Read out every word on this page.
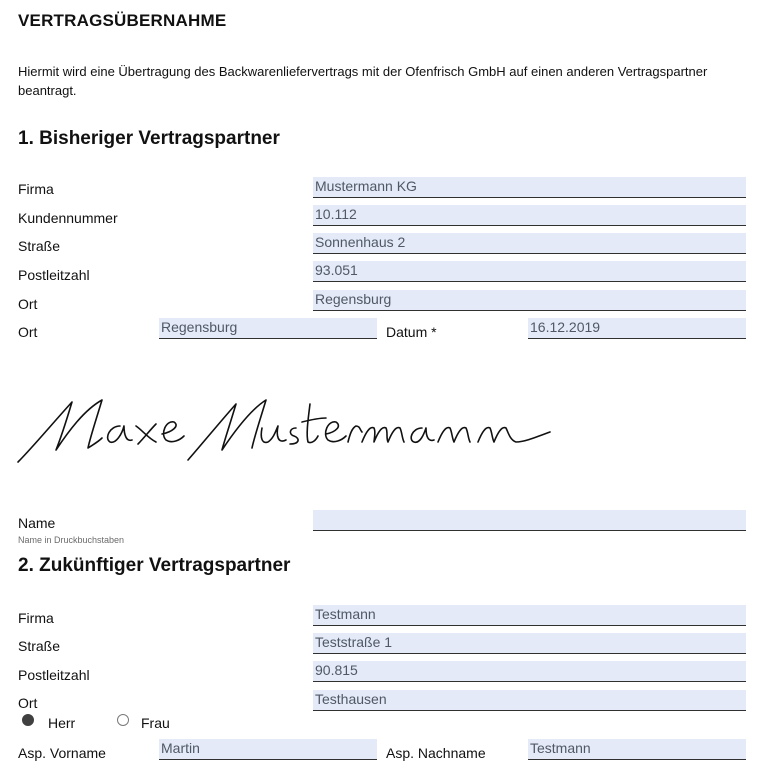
VERTRAGSÜBERNAHME
Hiermit wird eine Übertragung des Backwarenliefervertrags mit der Ofenfrisch GmbH auf einen anderen Vertragspartner beantragt.
1. Bisheriger Vertragspartner
Firma	Mustermann KG
Kundennummer	10.112
Straße	Sonnenhaus 2
Postleitzahl	93.051
Ort	Regensburg
Ort	Regensburg	Datum *	16.12.2019
Name
Name in Druckbuchstaben
2. Zukünftiger Vertragspartner
Firma	Testmann
Straße	Teststraße 1
Postleitzahl	90.815
Ort	Testhausen
Herr	Frau
Asp. Vorname	Martin	Asp. Nachname	Testmann
